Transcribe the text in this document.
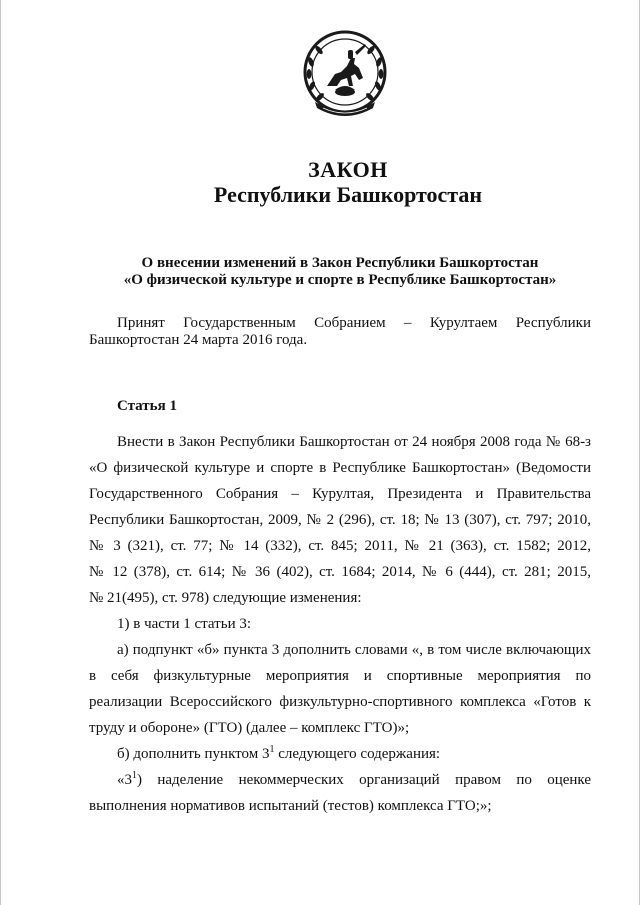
ЗАКОН
Республики Башкортостан
О внесении изменений в Закон Республики Башкортостан
«О физической культуре и спорте в Республике Башкортостан»
Принят Государственным Собранием – Курултаем Республики
Башкортостан 24 марта 2016 года.
Статья 1
Внести в Закон Республики Башкортостан от 24 ноября 2008 года № 68-з
«О физической культуре и спорте в Республике Башкортостан» (Ведомости
Государственного Собрания – Курултая, Президента и Правительства
Республики Башкортостан, 2009, № 2 (296), ст. 18; № 13 (307), ст. 797; 2010,
№ 3 (321), ст. 77; № 14 (332), ст. 845; 2011, № 21 (363), ст. 1582; 2012,
№ 12 (378), ст. 614; № 36 (402), ст. 1684; 2014, № 6 (444), ст. 281; 2015,
№ 21(495), ст. 978) следующие изменения:
1) в части 1 статьи 3:
а) подпункт «б» пункта 3 дополнить словами «, в том числе включающих
в себя физкультурные мероприятия и спортивные мероприятия по
реализации Всероссийского физкультурно-спортивного комплекса «Готов к
труду и обороне» (ГТО) (далее – комплекс ГТО)»;
б) дополнить пунктом $3^1$ следующего содержания:
«$3^1$ ) наделение некоммерческих организаций правом по оценке
выполнения нормативов испытаний (тестов) комплекса ГТО;»;
